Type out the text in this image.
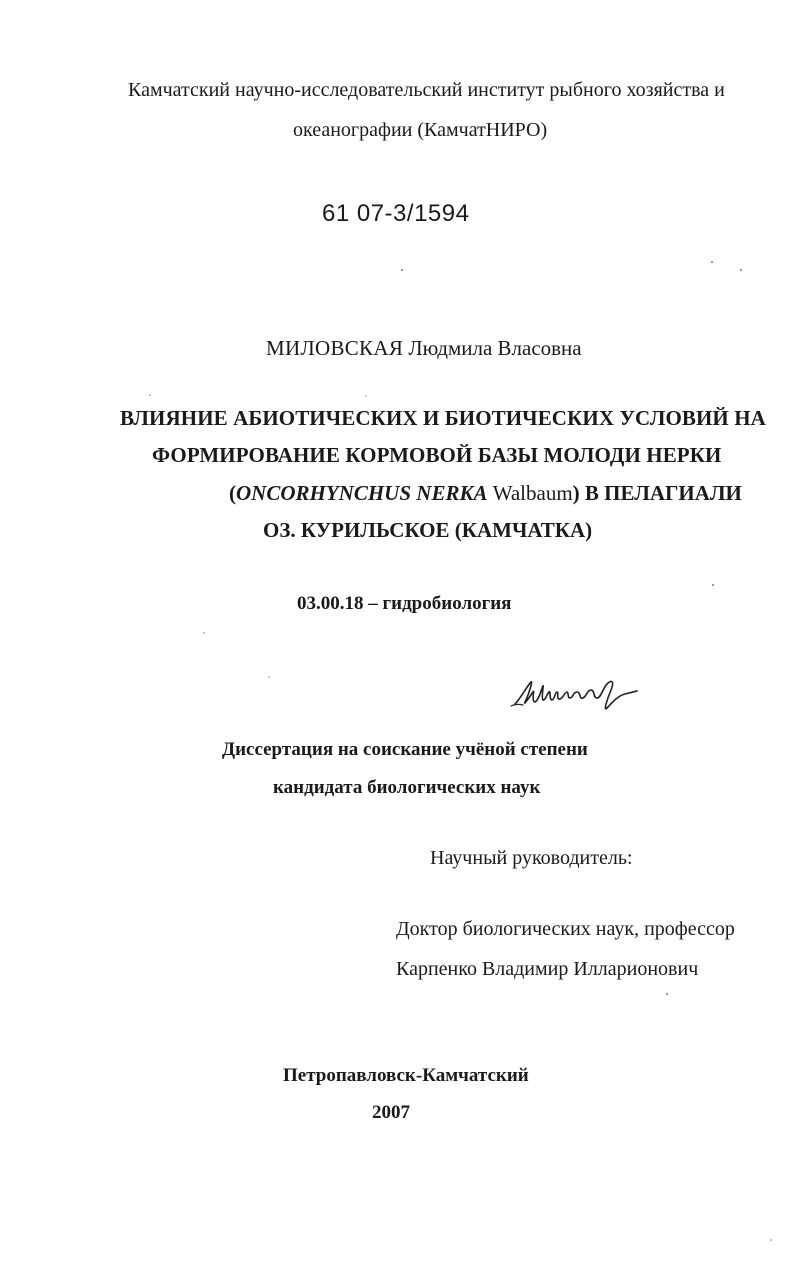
Камчатский научно-исследовательский институт рыбного хозяйства и
океанографии (КамчатНИРО)
61 07-3/1594
МИЛОВСКАЯ Людмила Власовна
ВЛИЯНИЕ АБИОТИЧЕСКИХ И БИОТИЧЕСКИХ УСЛОВИЙ НА
ФОРМИРОВАНИЕ КОРМОВОЙ БАЗЫ МОЛОДИ НЕРКИ
(ONCORHYNCHUS NERKA Walbaum) В ПЕЛАГИАЛИ
ОЗ. КУРИЛЬСКОЕ (КАМЧАТКА)
03.00.18 – гидробиология
Диссертация на соискание учёной степени
кандидата биологических наук
Научный руководитель:
Доктор биологических наук, профессор
Карпенко Владимир Илларионович
Петропавловск-Камчатский
2007
